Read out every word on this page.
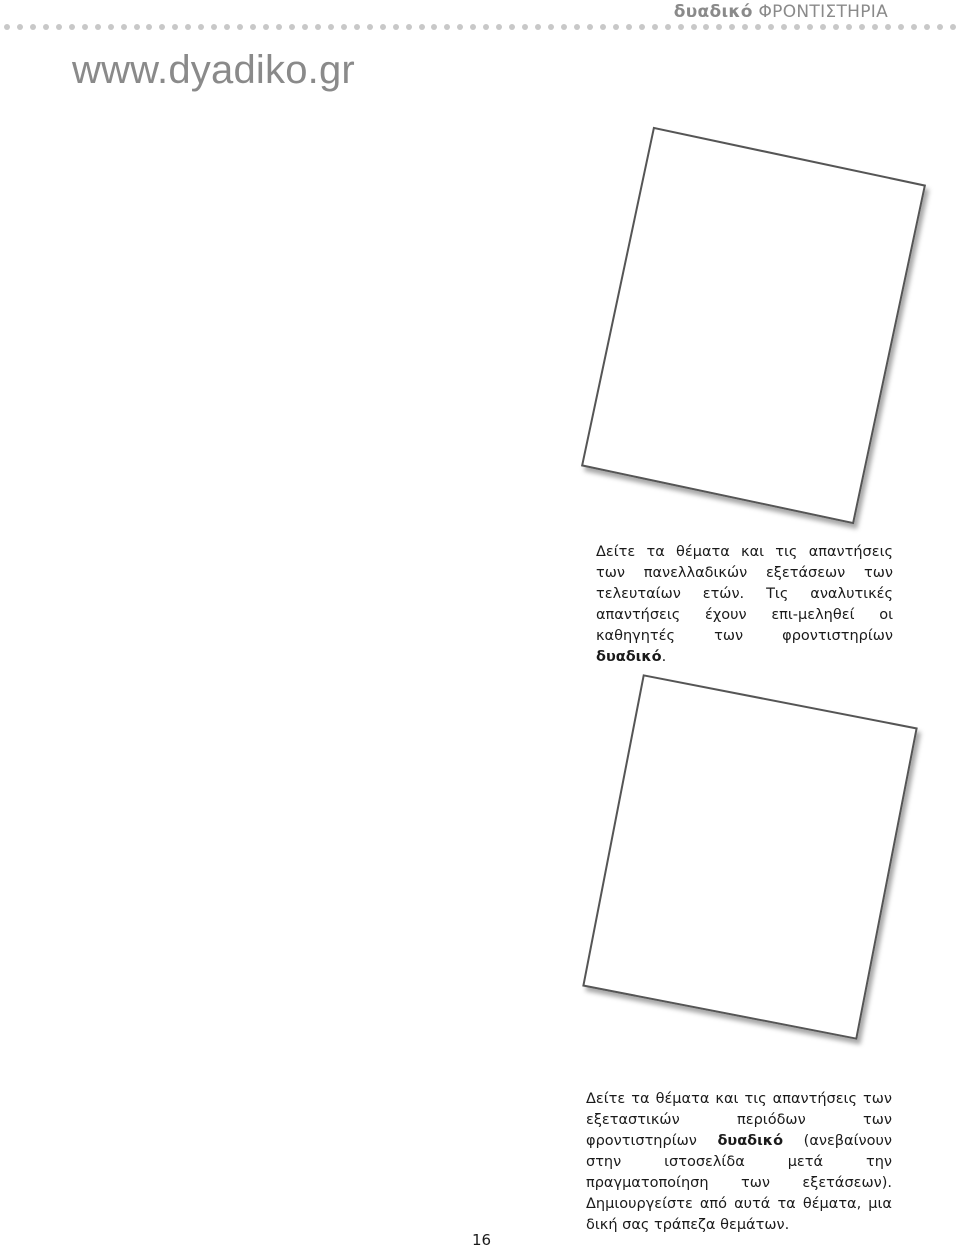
δυαδικό ΦΡΟΝΤΙΣΤΗΡΙΑ
www.dyadiko.gr
Δείτε τα θέματα και τις απαντήσεις των πανελλαδικών εξετάσεων των τελευταίων ετών. Τις αναλυτικές απαντήσεις έχουν επι-μεληθεί οι καθηγητές των φροντιστηρίων δυαδικό.
Δείτε τα θέματα και τις απαντήσεις των εξεταστικών περιόδων των φροντιστηρίων δυαδικό (ανεβαίνουν στην ιστοσελίδα μετά την πραγματοποίηση των εξετάσεων). Δημιουργείστε από αυτά τα θέματα, μια δική σας τράπεζα θεμάτων.
16
